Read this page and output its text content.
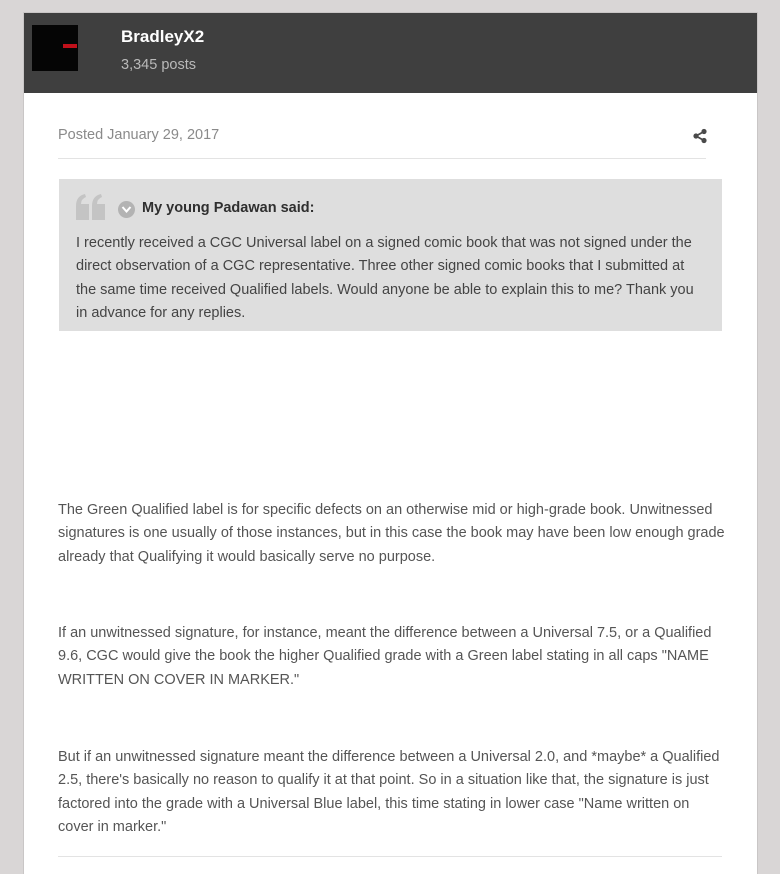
BradleyX2
3,345 posts
Posted January 29, 2017
My young Padawan said:
I recently received a CGC Universal label on a signed comic book that was not signed under the direct observation of a CGC representative. Three other signed comic books that I submitted at the same time received Qualified labels. Would anyone be able to explain this to me? Thank you in advance for any replies.
The Green Qualified label is for specific defects on an otherwise mid or high-grade book. Unwitnessed signatures is one usually of those instances, but in this case the book may have been low enough grade already that Qualifying it would basically serve no purpose.
If an unwitnessed signature, for instance, meant the difference between a Universal 7.5, or a Qualified 9.6, CGC would give the book the higher Qualified grade with a Green label stating in all caps "NAME WRITTEN ON COVER IN MARKER."
But if an unwitnessed signature meant the difference between a Universal 2.0, and *maybe* a Qualified 2.5, there's basically no reason to qualify it at that point. So in a situation like that, the signature is just factored into the grade with a Universal Blue label, this time stating in lower case "Name written on cover in marker."
